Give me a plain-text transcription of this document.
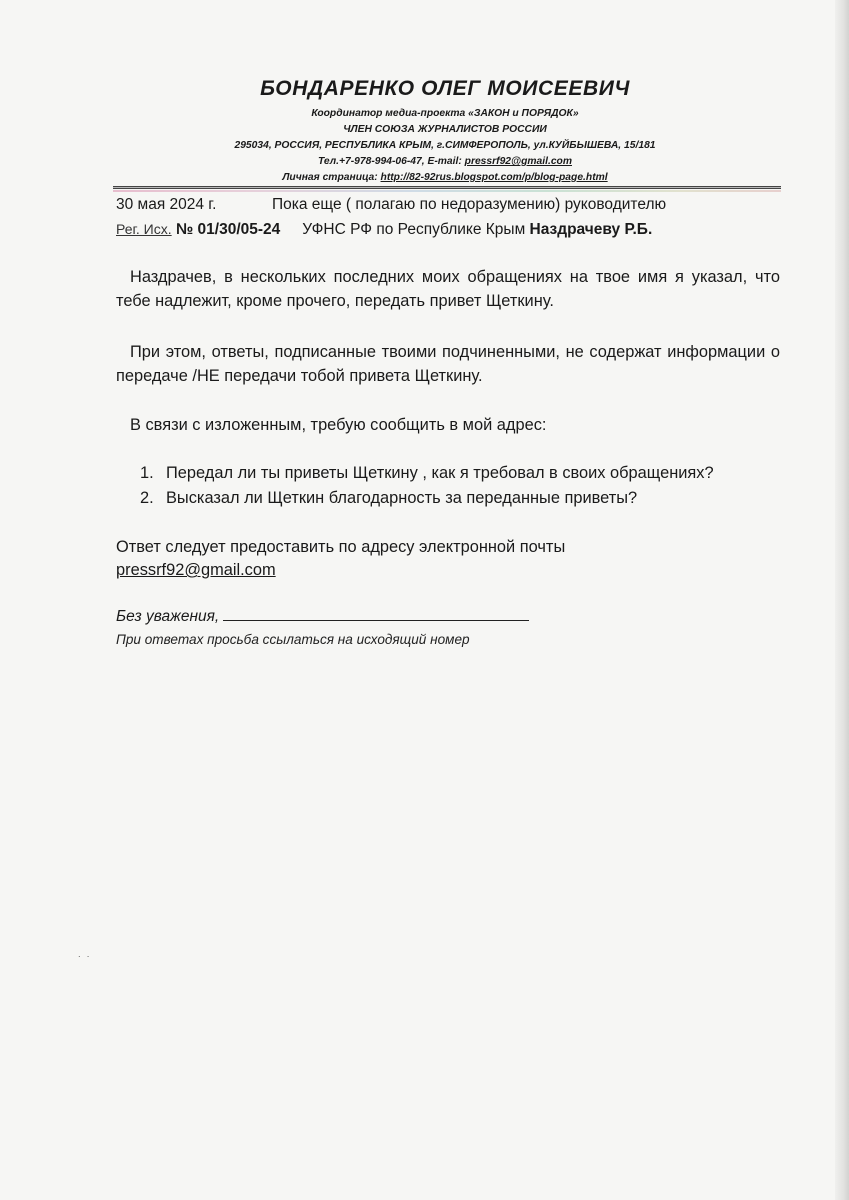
БОНДАРЕНКО ОЛЕГ МОИСЕЕВИЧ
Координатор медиа-проекта «ЗАКОН и ПОРЯДОК»
ЧЛЕН СОЮЗА ЖУРНАЛИСТОВ РОССИИ
295034, РОССИЯ, РЕСПУБЛИКА КРЫМ, г.СИМФЕРОПОЛЬ, ул.КУЙБЫШЕВА, 15/181
Тел.+7-978-994-06-47, E-mail: pressrf92@gmail.com
Личная страница: http://82-92rus.blogspot.com/p/blog-page.html
30 мая 2024 г.	Пока еще ( полагаю по недоразумению) руководителю
Рег. Исх. № 01/30/05-24 УФНС РФ по Республике Крым Наздрачеву Р.Б.
Наздрачев, в нескольких последних моих обращениях на твое имя я указал, что тебе надлежит, кроме прочего, передать привет Щеткину.
При этом, ответы, подписанные твоими подчиненными, не содержат информации о передаче /НЕ передачи тобой привета Щеткину.
В связи с изложенным, требую сообщить в мой адрес:
1. Передал ли ты приветы Щеткину , как я требовал в своих обращениях?
2. Высказал ли Щеткин благодарность за переданные приветы?
Ответ следует предоставить по адресу электронной почты
pressrf92@gmail.com
Без уважения,
При ответах просьба ссылаться на исходящий номер
˙ ˙
